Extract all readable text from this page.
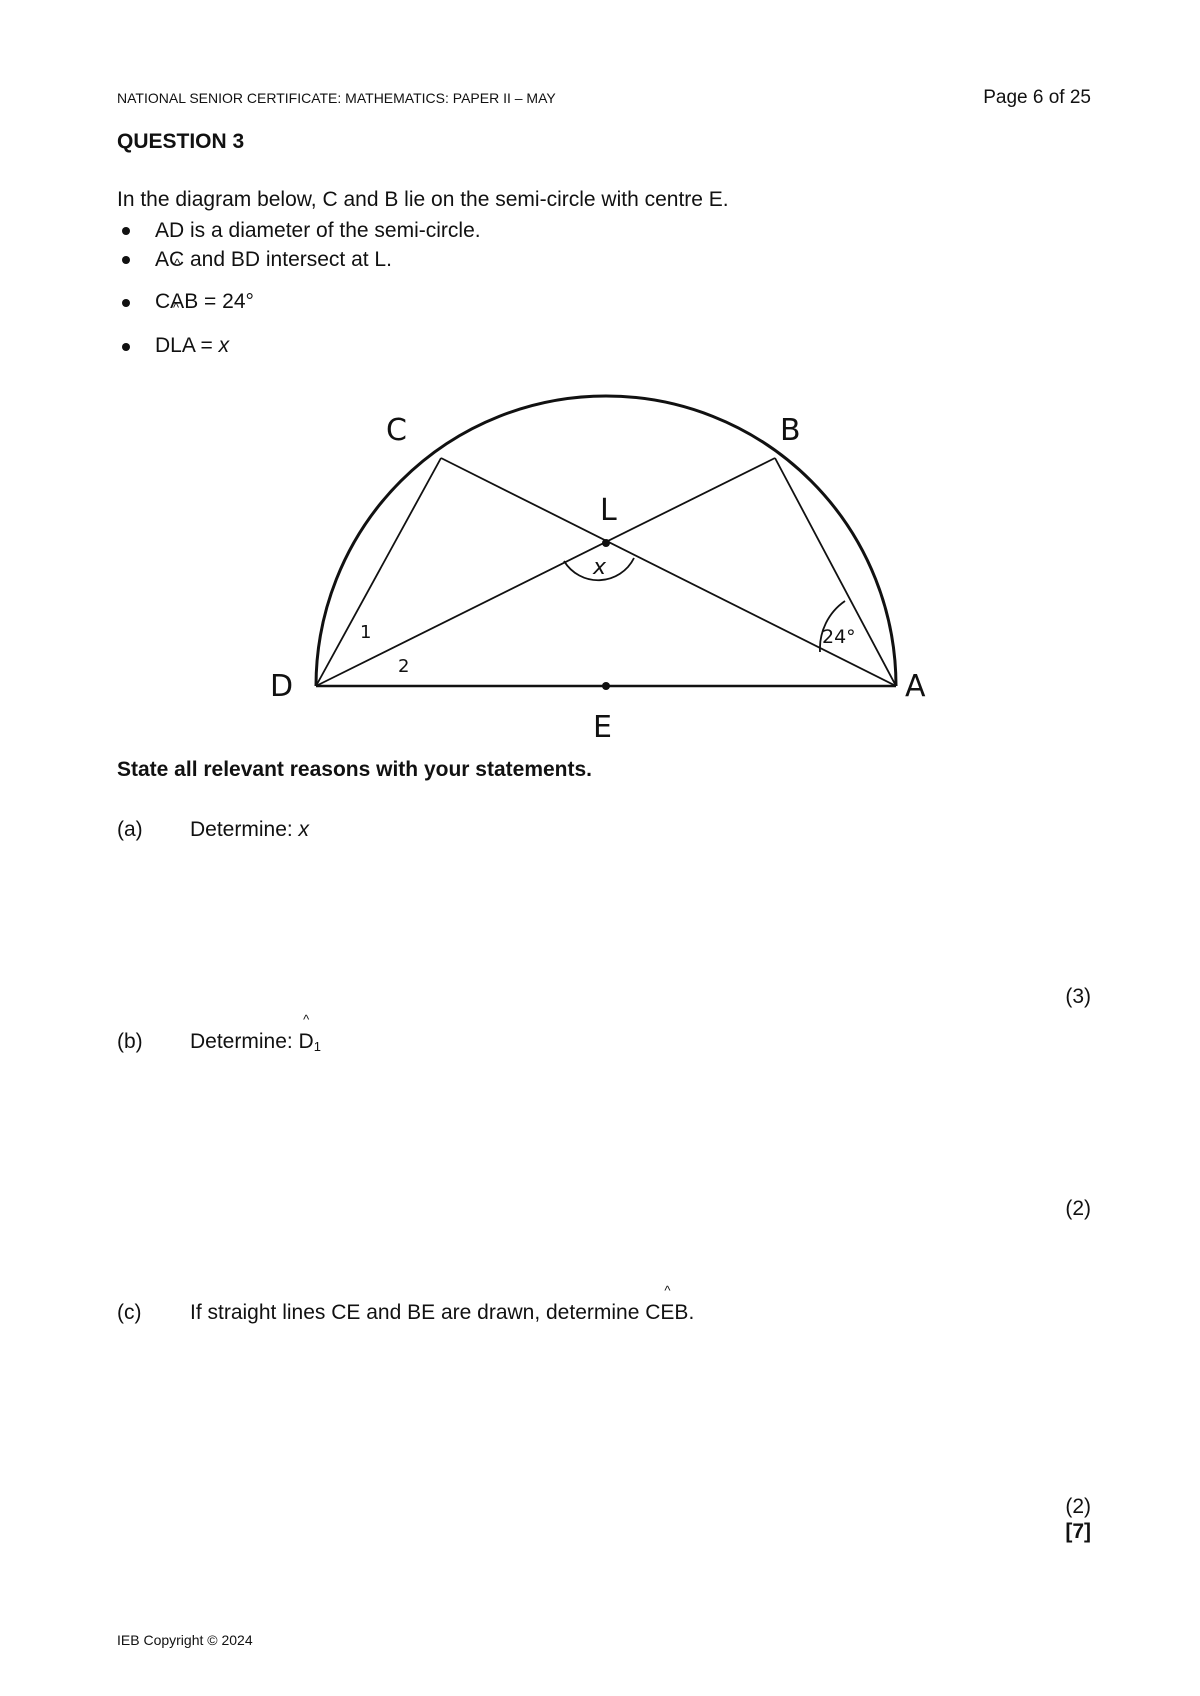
NATIONAL SENIOR CERTIFICATE: MATHEMATICS: PAPER II – MAY	Page 6 of 25
QUESTION 3
In the diagram below, C and B lie on the semi-circle with centre E.
AD is a diameter of the semi-circle.
AC and BD intersect at L.
C^ AB = 24°
D^ LA = x
C	B
L
D	A
E
x
24°
1
2
State all relevant reasons with your statements.
(a) Determine: x
(3)
(b) Determine: ^ $D_1$
(2)
(c) If straight lines CE and BE are drawn, determine C^ EB.
(2)
[7]
IEB Copyright © 2024
